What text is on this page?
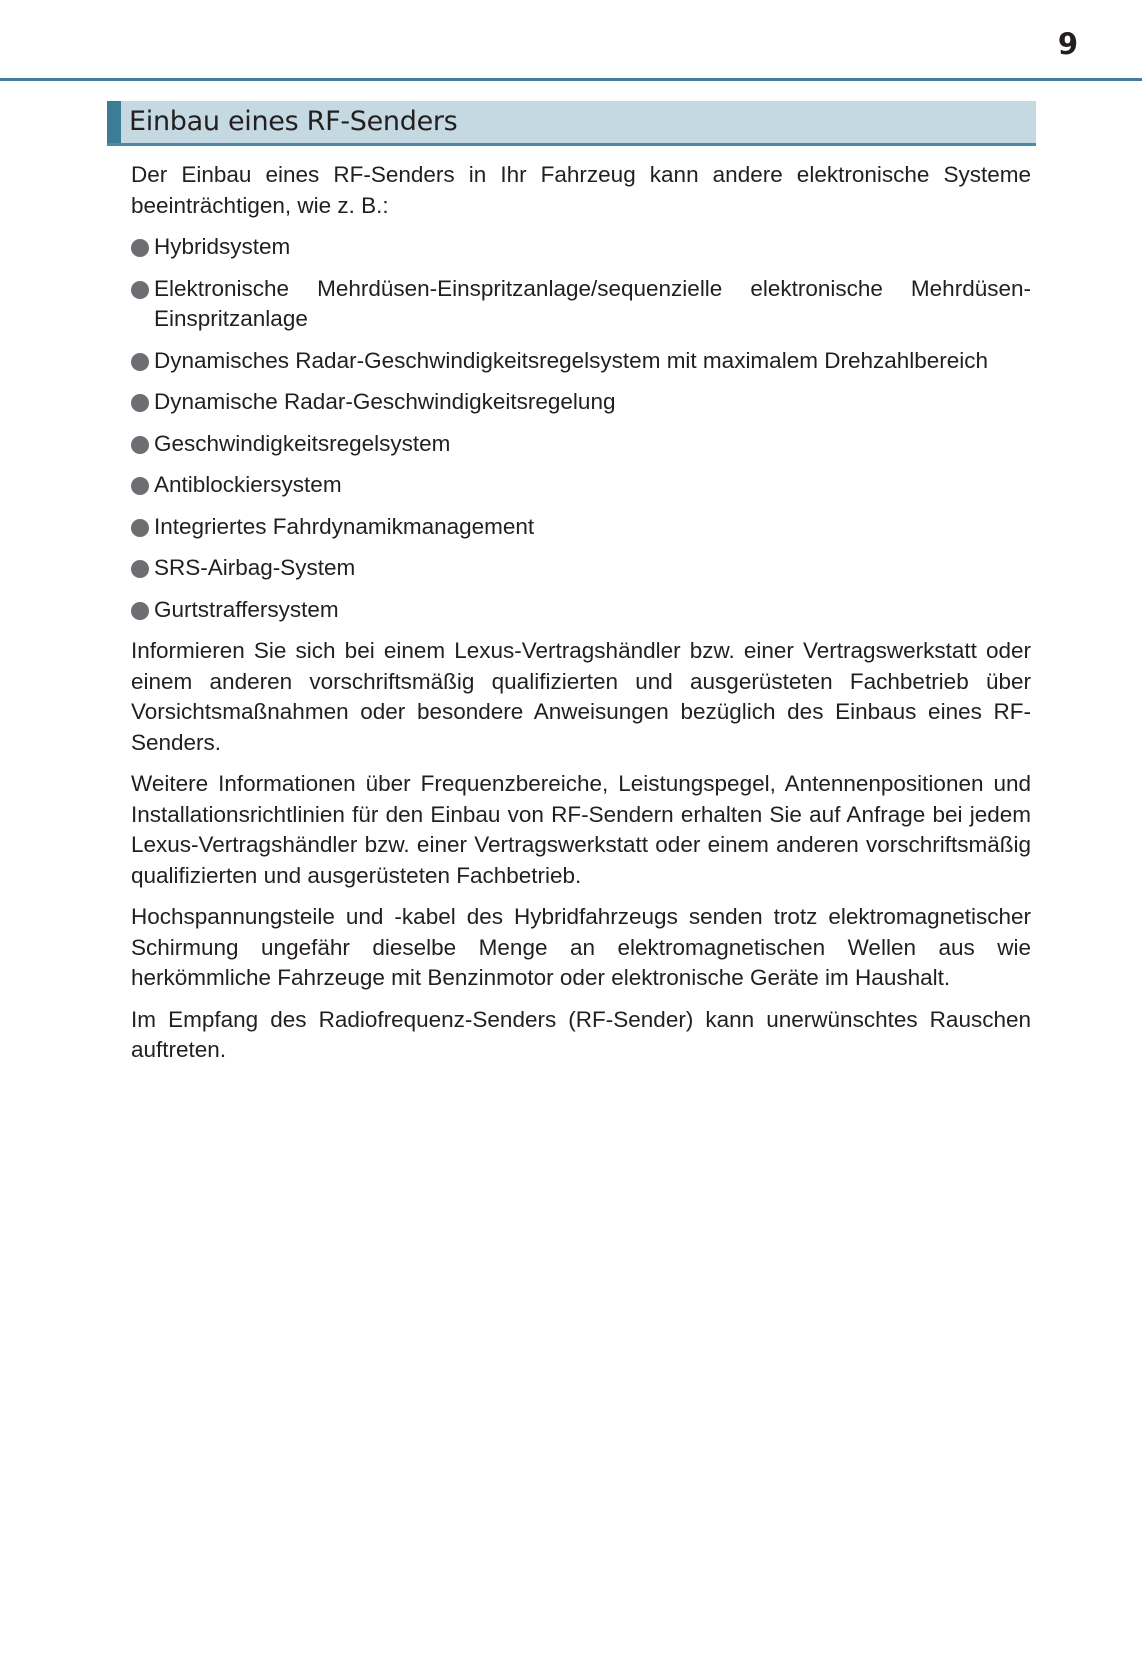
9
Einbau eines RF-Senders

Der Einbau eines RF-Senders in Ihr Fahrzeug kann andere elektronische Systeme beeinträchtigen, wie z. B.:

Hybridsystem
Elektronische Mehrdüsen-Einspritzanlage/sequenzielle elektronische Mehrdüsen-Einspritzanlage
Dynamisches Radar-Geschwindigkeitsregelsystem mit maximalem Drehzahlbereich
Dynamische Radar-Geschwindigkeitsregelung
Geschwindigkeitsregelsystem
Antiblockiersystem
Integriertes Fahrdynamikmanagement
SRS-Airbag-System
Gurtstraffersystem

Informieren Sie sich bei einem Lexus-Vertragshändler bzw. einer Vertragswerkstatt oder einem anderen vorschriftsmäßig qualifizierten und ausgerüsteten Fachbetrieb über Vorsichtsmaßnahmen oder besondere Anweisungen bezüglich des Einbaus eines RF-Senders.

Weitere Informationen über Frequenzbereiche, Leistungspegel, Antennenpositionen und Installationsrichtlinien für den Einbau von RF-Sendern erhalten Sie auf Anfrage bei jedem Lexus-Vertragshändler bzw. einer Vertragswerkstatt oder einem anderen vorschriftsmäßig qualifizierten und ausgerüsteten Fachbetrieb.

Hochspannungsteile und -kabel des Hybridfahrzeugs senden trotz elektromagnetischer Schirmung ungefähr dieselbe Menge an elektromagnetischen Wellen aus wie herkömmliche Fahrzeuge mit Benzinmotor oder elektronische Geräte im Haushalt.

Im Empfang des Radiofrequenz-Senders (RF-Sender) kann unerwünschtes Rauschen auftreten.
